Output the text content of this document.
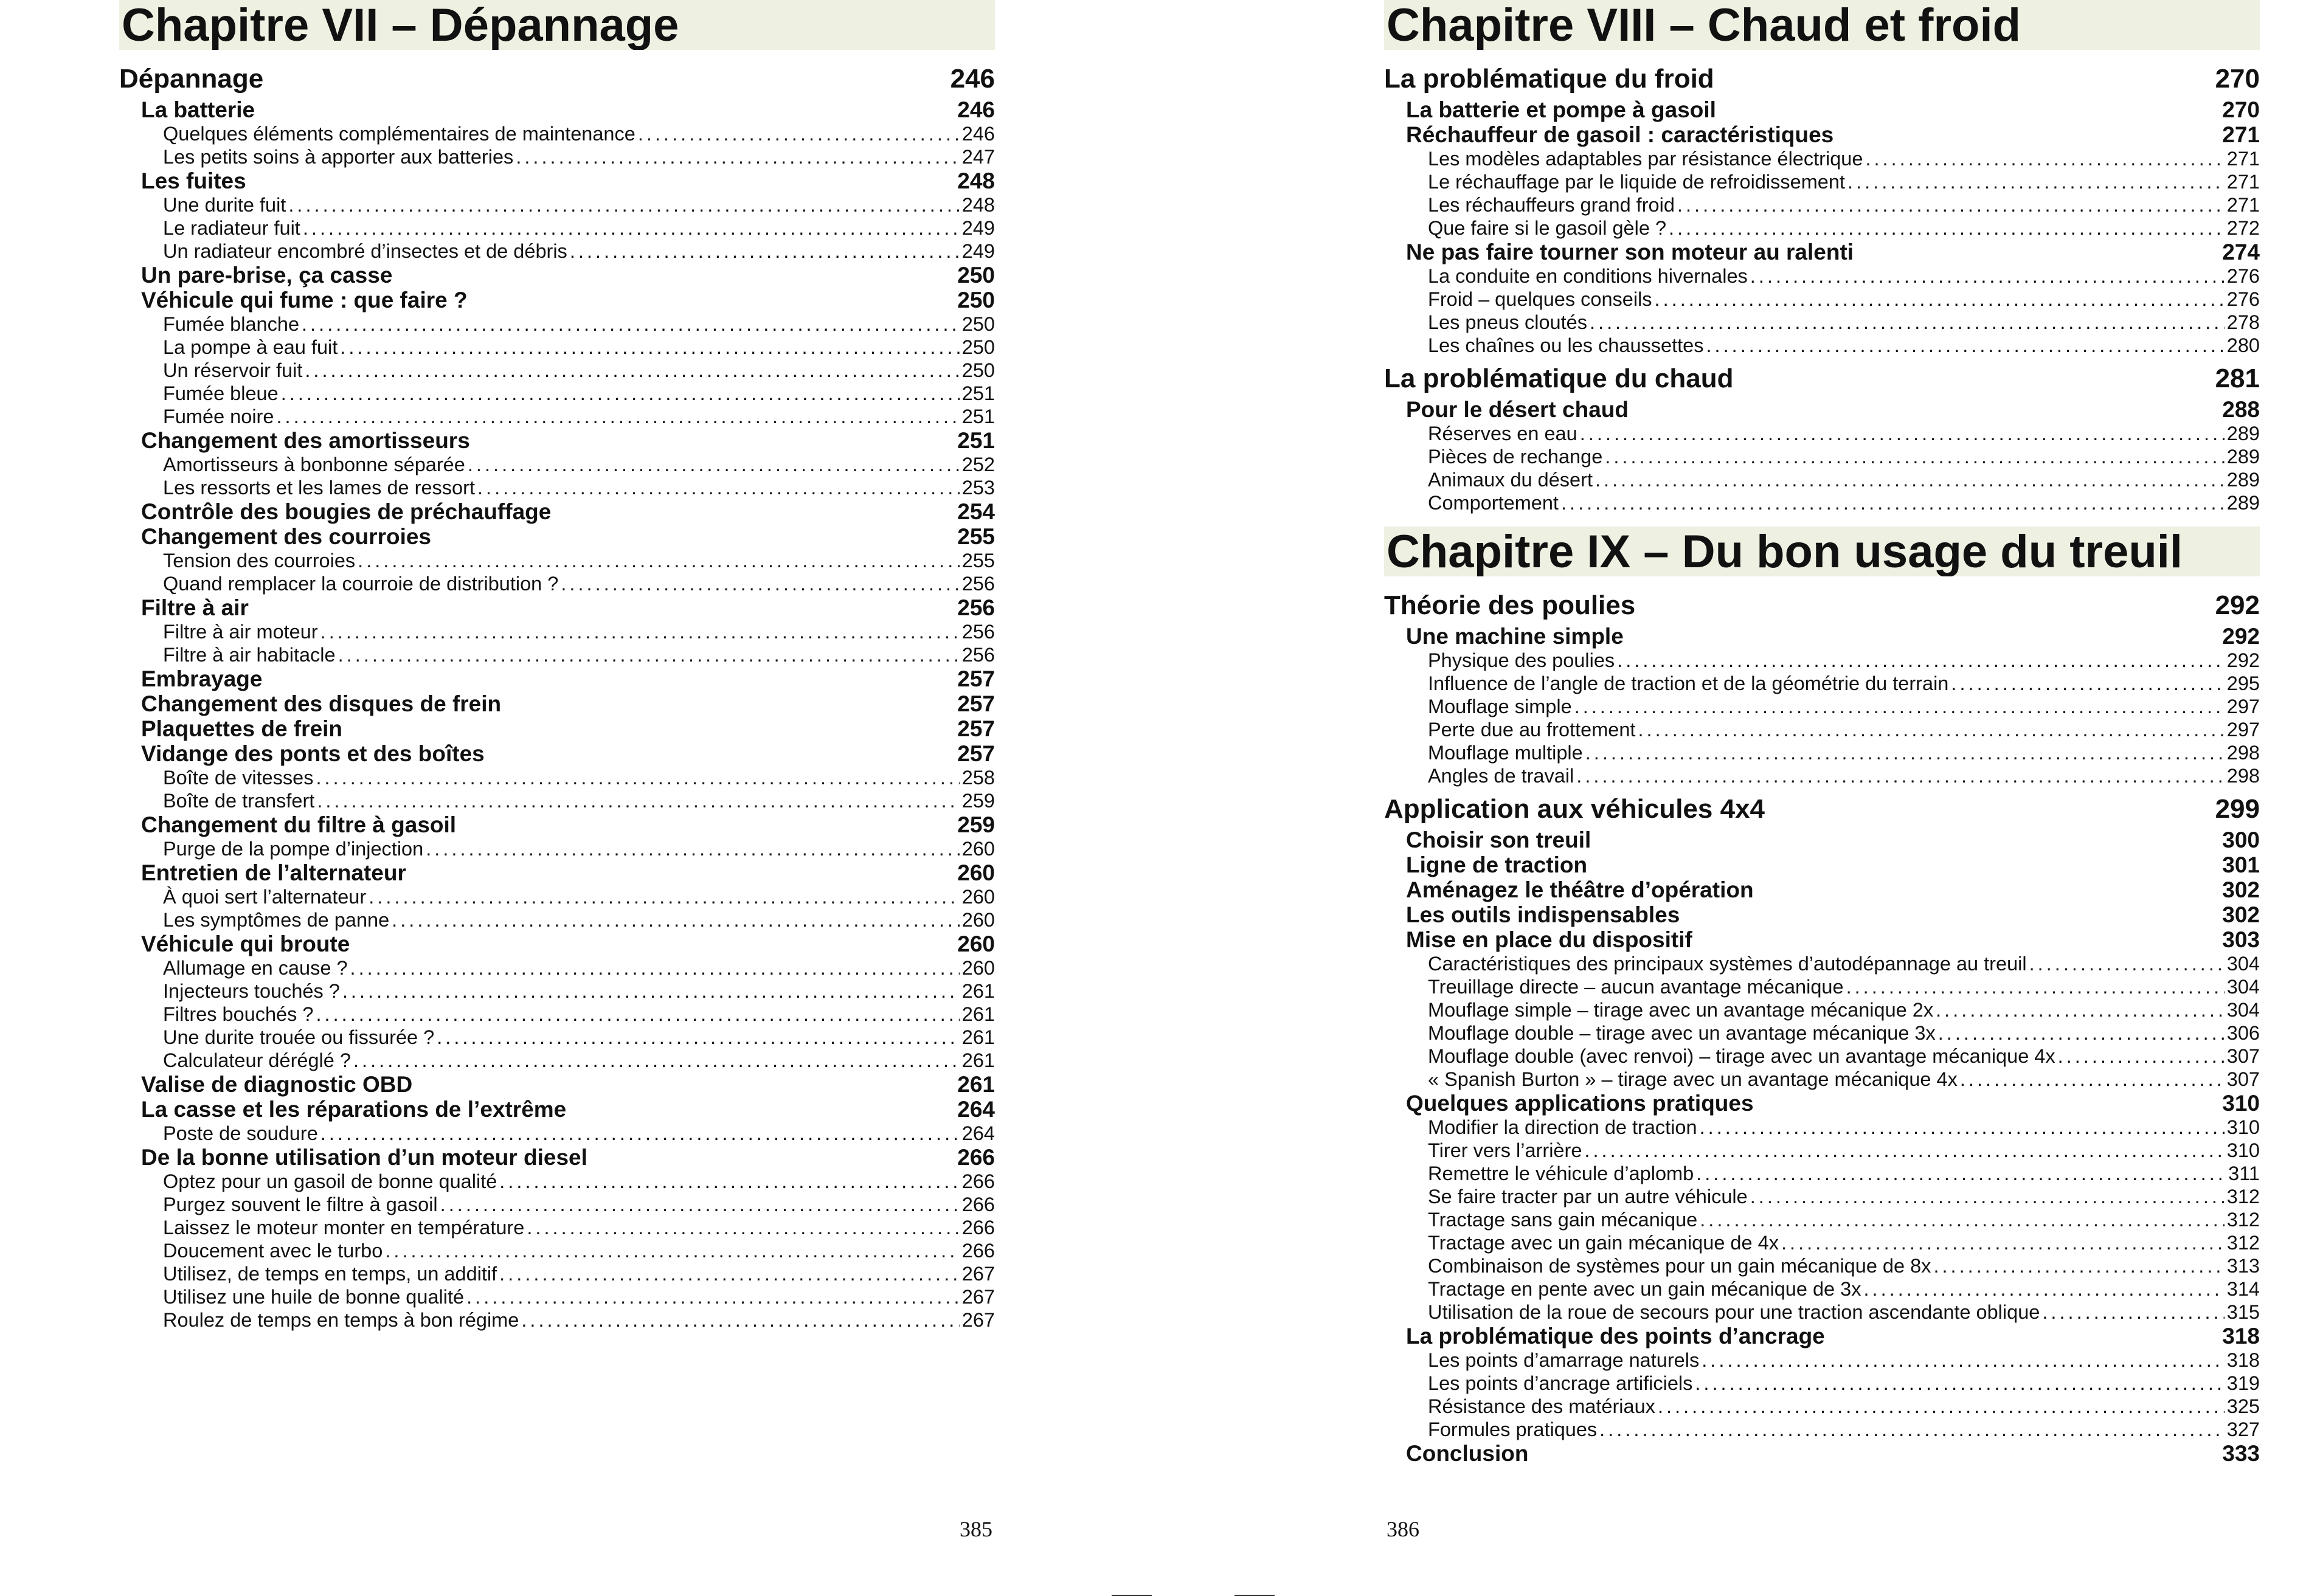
Chapitre VII – Dépannage
Dépannage	246
La batterie	246
Quelques éléments complémentaires de maintenance . . .	246
Les petits soins à apporter aux batteries . . .	247
Les fuites	248
Une durite fuit . . .	248
Le radiateur fuit . . .	249
Un radiateur encombré d’insectes et de débris . . .	249
Un pare-brise, ça casse	250
Véhicule qui fume : que faire ?	250
Fumée blanche . . .	250
La pompe à eau fuit . . .	250
Un réservoir fuit . . .	250
Fumée bleue . . .	251
Fumée noire . . .	251
Changement des amortisseurs	251
Amortisseurs à bonbonne séparée . . .	252
Les ressorts et les lames de ressort . . .	253
Contrôle des bougies de préchauffage	254
Changement des courroies	255
Tension des courroies . . .	255
Quand remplacer la courroie de distribution ? . . .	256
Filtre à air	256
Filtre à air moteur . . .	256
Filtre à air habitacle . . .	256
Embrayage	257
Changement des disques de frein	257
Plaquettes de frein	257
Vidange des ponts et des boîtes	257
Boîte de vitesses . . .	258
Boîte de transfert . . .	259
Changement du filtre à gasoil	259
Purge de la pompe d’injection . . .	260
Entretien de l’alternateur	260
À quoi sert l’alternateur . . .	260
Les symptômes de panne . . .	260
Véhicule qui broute	260
Allumage en cause ? . . .	260
Injecteurs touchés ? . . .	261
Filtres bouchés ? . . .	261
Une durite trouée ou fissurée ? . . .	261
Calculateur déréglé ? . . .	261
Valise de diagnostic OBD	261
La casse et les réparations de l’extrême	264
Poste de soudure . . .	264
De la bonne utilisation d’un moteur diesel	266
Optez pour un gasoil de bonne qualité . . .	266
Purgez souvent le filtre à gasoil . . .	266
Laissez le moteur monter en température . . .	266
Doucement avec le turbo . . .	266
Utilisez, de temps en temps, un additif . . .	267
Utilisez une huile de bonne qualité . . .	267
Roulez de temps en temps à bon régime . . .	267
385
Chapitre VIII – Chaud et froid
La problématique du froid	270
La batterie et pompe à gasoil	270
Réchauffeur de gasoil : caractéristiques	271
Les modèles adaptables par résistance électrique . . .	271
Le réchauffage par le liquide de refroidissement . . .	271
Les réchauffeurs grand froid . . .	271
Que faire si le gasoil gèle ? . . .	272
Ne pas faire tourner son moteur au ralenti	274
La conduite en conditions hivernales . . .	276
Froid – quelques conseils . . .	276
Les pneus cloutés . . .	278
Les chaînes ou les chaussettes . . .	280
La problématique du chaud	281
Pour le désert chaud	288
Réserves en eau . . .	289
Pièces de rechange . . .	289
Animaux du désert . . .	289
Comportement . . .	289
Chapitre IX – Du bon usage du treuil
Théorie des poulies	292
Une machine simple	292
Physique des poulies . . .	292
Influence de l’angle de traction et de la géométrie du terrain . . .	295
Mouflage simple . . .	297
Perte due au frottement . . .	297
Mouflage multiple . . .	298
Angles de travail . . .	298
Application aux véhicules 4x4	299
Choisir son treuil	300
Ligne de traction	301
Aménagez le théâtre d’opération	302
Les outils indispensables	302
Mise en place du dispositif	303
Caractéristiques des principaux systèmes d’autodépannage au treuil . . .	304
Treuillage directe – aucun avantage mécanique . . .	304
Mouflage simple – tirage avec un avantage mécanique 2x . . .	304
Mouflage double – tirage avec un avantage mécanique 3x . . .	306
Mouflage double (avec renvoi) – tirage avec un avantage mécanique 4x . . .	307
« Spanish Burton » – tirage avec un avantage mécanique 4x . . .	307
Quelques applications pratiques	310
Modifier la direction de traction . . .	310
Tirer vers l’arrière . . .	310
Remettre le véhicule d’aplomb . . .	311
Se faire tracter par un autre véhicule . . .	312
Tractage sans gain mécanique . . .	312
Tractage avec un gain mécanique de 4x . . .	312
Combinaison de systèmes pour un gain mécanique de 8x . . .	313
Tractage en pente avec un gain mécanique de 3x . . .	314
Utilisation de la roue de secours pour une traction ascendante oblique . . .	315
La problématique des points d’ancrage	318
Les points d’amarrage naturels . . .	318
Les points d’ancrage artificiels . . .	319
Résistance des matériaux . . .	325
Formules pratiques . . .	327
Conclusion	333
386
